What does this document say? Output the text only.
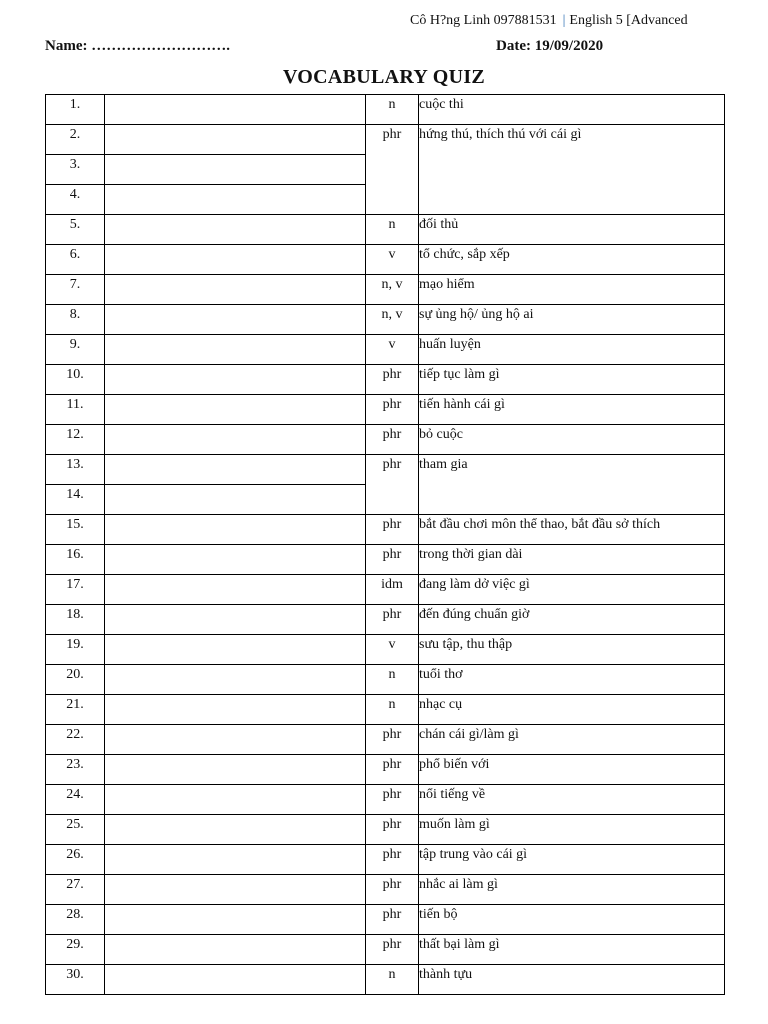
Cô H?ng Linh 097881531 | English 5 [Advanced
Name: ……………………….	Date: 19/09/2020
VOCABULARY QUIZ
1.		n	cuộc thi
2.		phr	hứng thú, thích thú với cái gì
3.			
4.			
5.		n	đối thủ
6.		v	tổ chức, sắp xếp
7.		n, v	mạo hiểm
8.		n, v	sự ủng hộ/ ủng hộ ai
9.		v	huấn luyện
10.		phr	tiếp tục làm gì
11.		phr	tiến hành cái gì
12.		phr	bỏ cuộc
13.		phr	tham gia
14.			
15.		phr	bắt đầu chơi môn thể thao, bắt đầu sở thích
16.		phr	trong thời gian dài
17.		idm	đang làm dở việc gì
18.		phr	đến đúng chuẩn giờ
19.		v	sưu tập, thu thập
20.		n	tuổi thơ
21.		n	nhạc cụ
22.		phr	chán cái gì/làm gì
23.		phr	phổ biến với
24.		phr	nổi tiếng về
25.		phr	muốn làm gì
26.		phr	tập trung vào cái gì
27.		phr	nhắc ai làm gì
28.		phr	tiến bộ
29.		phr	thất bại làm gì
30.		n	thành tựu
